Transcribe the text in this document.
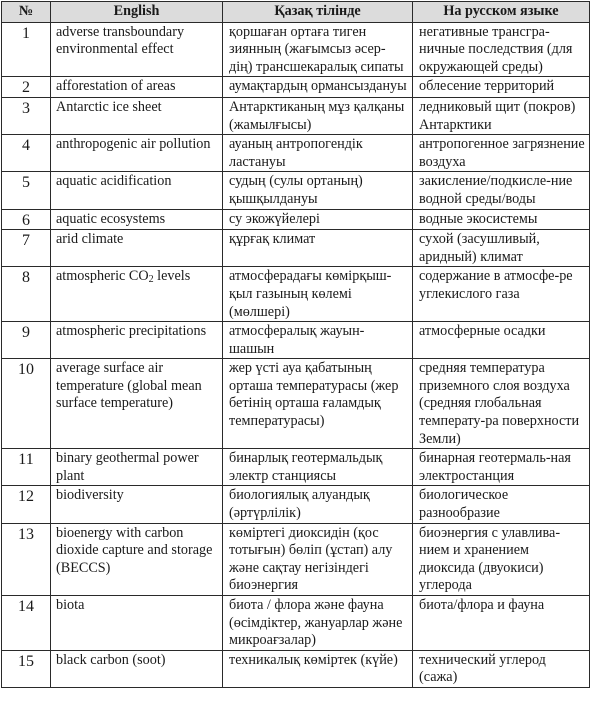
№	English	Қазақ тілінде	На русском языке
1	adverse transboundary environmental effect	қоршаған ортаға тиген зиянның (жағымсыз әсер-дің) трансшекаралық сипаты	негативные трансгра-ничные последствия (для окружающей среды)
2	afforestation of areas	аумақтардың орманcыздануы	облесение территорий
3	Antarctic ice sheet	Антарктиканың мұз қалқаны (жамылғысы)	ледниковый щит (покров) Антарктики
4	anthropogenic air pollution	ауаның антропогендік ластануы	антропогенное загрязнение воздуха
5	aquatic acidification	судың (сулы ортаның) қышқылдануы	закисление/подкисле-ние водной среды/воды
6	aquatic ecosystems	су экожүйелері	водные экосистемы
7	arid climate	құрғақ климат	сухой (засушливый, аридный) климат
8	atmospheric $CO_2$ levels	атмосферадағы көмірқыш-қыл газының көлемі (мөлшері)	содержание в атмосфе-ре углекислого газа
9	atmospheric precipitations	атмосфералық жауын-шашын	атмосферные осадки
10	average surface air temperature (global mean surface temperature)	жер үсті ауа қабатының орташа температурасы (жер бетінің орташа ғаламдық температурасы)	средняя температура приземного слоя воздуха (средняя глобальная температу-ра поверхности Земли)
11	binary geothermal power plant	бинарлық геотермальдық электр станциясы	бинарная геотермаль-ная электростанция
12	biodiversity	биологиялық алуандық (әртүрлілік)	биологическое разнообразие
13	bioenergy with carbon dioxide capture and storage (BECCS)	көміртегі диоксидін (қос тотығын) бөліп (ұстап) алу және сақтау негізіндегі биоэнергия	биоэнергия с улавлива-нием и хранением диоксида (двуокиси) углерода
14	biota	биота / флора және фауна (өсімдіктер, жануарлар және микроағзалар)	биота/флора и фауна
15	black carbon (soot)	техникалық көміртек (күйе)	технический углерод (сажа)
